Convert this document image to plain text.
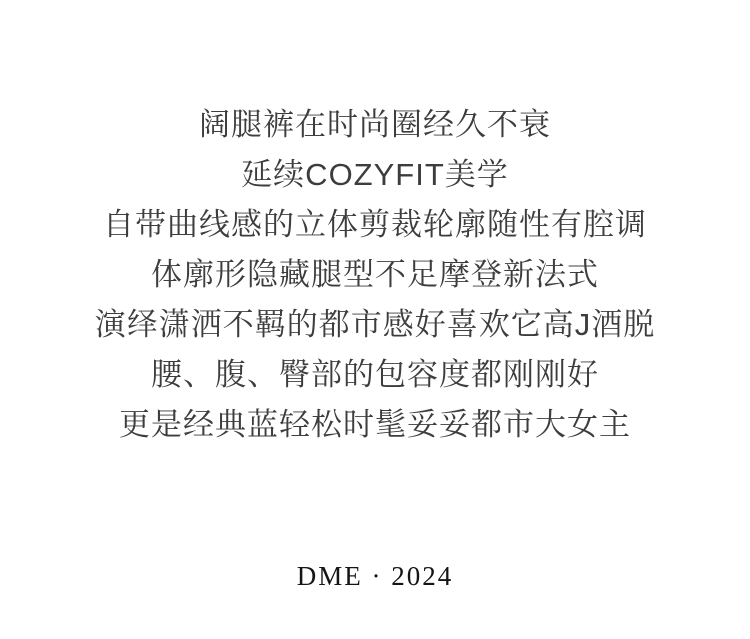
阔腿裤在时尚圈经久不衰

延续COZYFIT美学

自带曲线感的立体剪裁轮廓随性有腔调

体廓形隐藏腿型不足摩登新法式

演绎潇洒不羁的都市感好喜欢它高J酒脱

腰、腹、臀部的包容度都刚刚好

更是经典蓝轻松时髦妥妥都市大女主

DME · 2024
